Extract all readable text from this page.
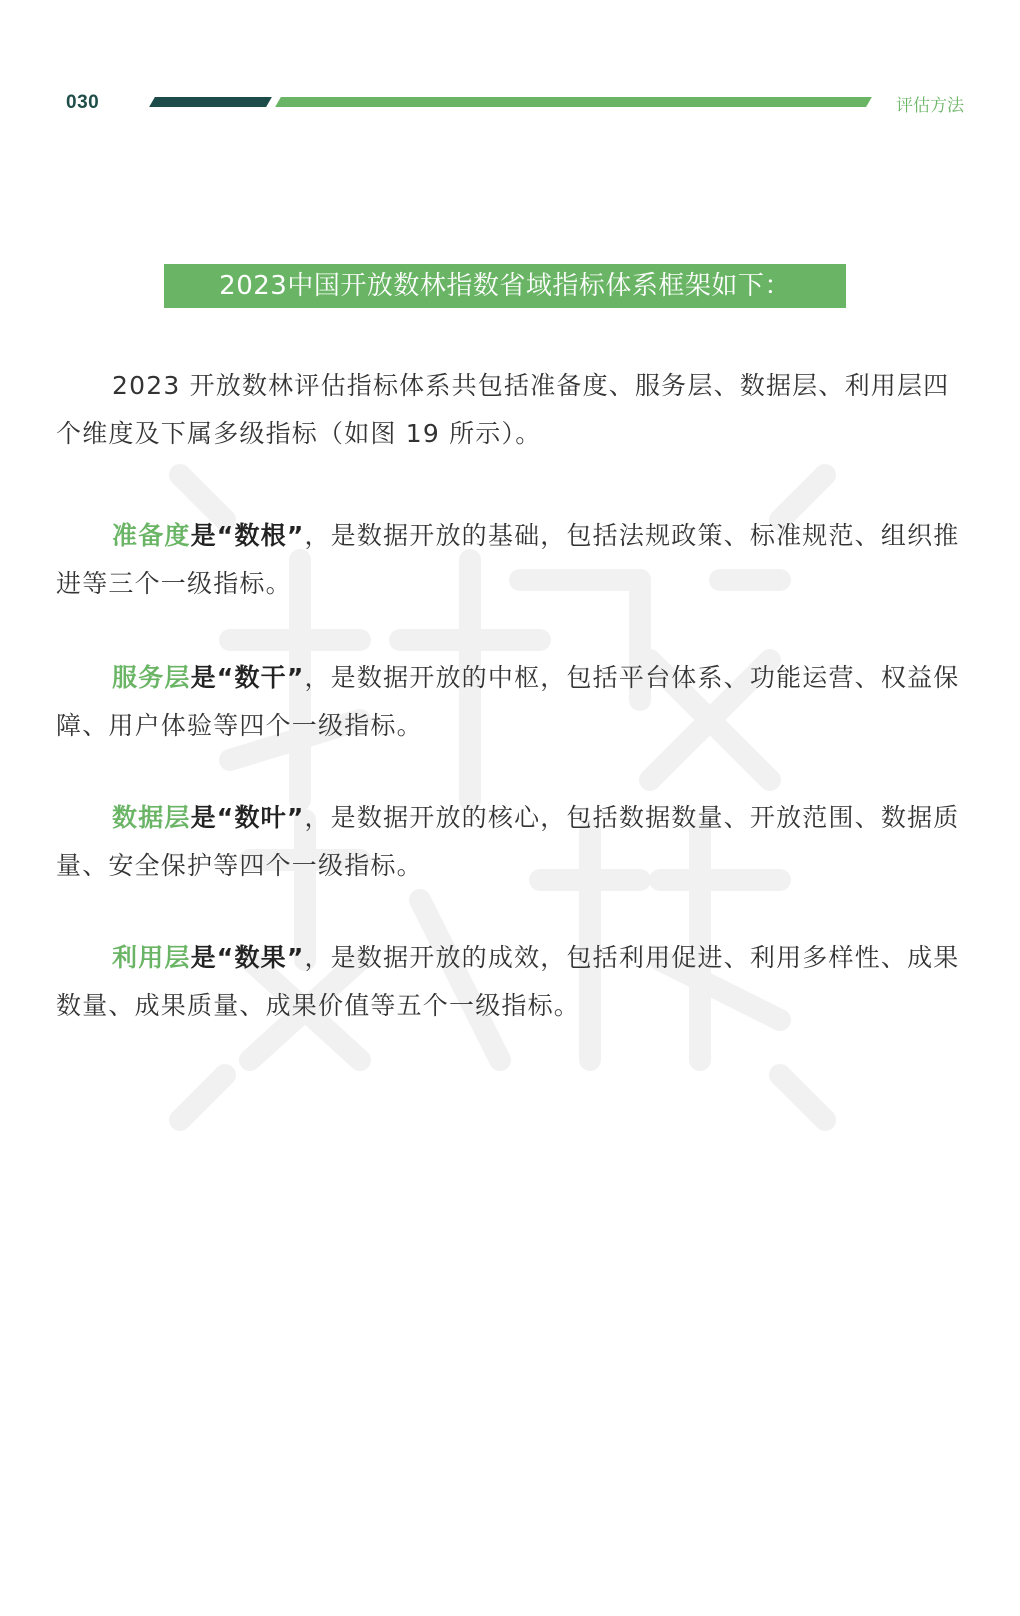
030	评估方法
2023中国开放数林指数省域指标体系框架如下：
2023 开放数林评估指标体系共包括准备度、服务层、数据层、利用层四个维度及下属多级指标（如图 19 所示）。
准备度是“数根”，是数据开放的基础，包括法规政策、标准规范、组织推进等三个一级指标。
服务层是“数干”，是数据开放的中枢，包括平台体系、功能运营、权益保障、用户体验等四个一级指标。
数据层是“数叶”，是数据开放的核心，包括数据数量、开放范围、数据质量、安全保护等四个一级指标。
利用层是“数果”，是数据开放的成效，包括利用促进、利用多样性、成果数量、成果质量、成果价值等五个一级指标。
